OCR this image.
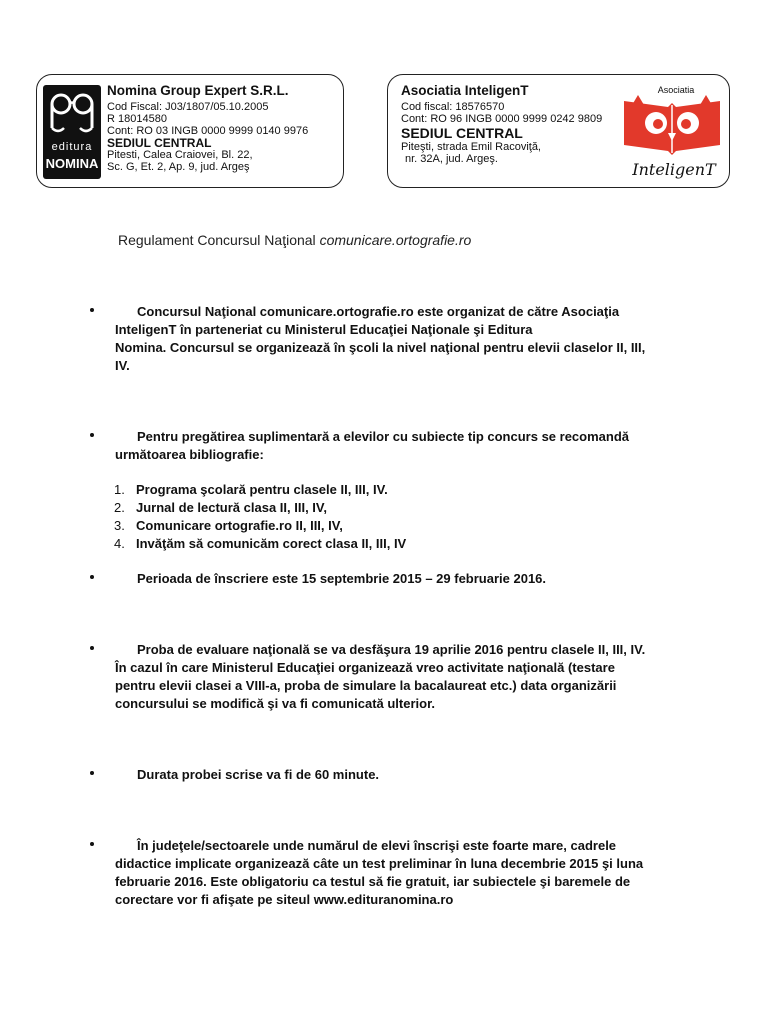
editura
NOMINA
Nomina Group Expert S.R.L.
Cod Fiscal: J03/1807/05.10.2005
R 18014580
Cont: RO 03 INGB 0000 9999 0140 9976
SEDIUL CENTRAL
Pitesti, Calea Craiovei, Bl. 22,
Sc. G, Et. 2, Ap. 9, jud. Argeş
Asociatia InteligenT
Cod fiscal: 18576570
Cont: RO 96 INGB 0000 9999 0242 9809
SEDIUL CENTRAL
Piteşti, strada Emil Racoviţă,
nr. 32A, jud. Argeş.
Asociatia
InteligenT
Regulament Concursul Naţional comunicare.ortografie.ro
Concursul Naţional comunicare.ortografie.ro este organizat de către Asociaţia
InteligenT în parteneriat cu Ministerul Educaţiei Naţionale şi Editura
Nomina. Concursul se organizează în şcoli la nivel naţional pentru elevii claselor II, III,
IV.
Pentru pregătirea suplimentară a elevilor cu subiecte tip concurs se recomandă
următoarea bibliografie:
1. Programa şcolară pentru clasele II, III, IV.
2. Jurnal de lectură clasa II, III, IV,
3. Comunicare ortografie.ro II, III, IV,
4. Invăţăm să comunicăm corect clasa II, III, IV
Perioada de înscriere este 15 septembrie 2015 – 29 februarie 2016.
Proba de evaluare naţională se va desfăşura 19 aprilie 2016 pentru clasele II, III, IV.
În cazul în care Ministerul Educaţiei organizează vreo activitate naţională (testare
pentru elevii clasei a VIII-a, proba de simulare la bacalaureat etc.) data organizării
concursului se modifică şi va fi comunicată ulterior.
Durata probei scrise va fi de 60 minute.
În judeţele/sectoarele unde numărul de elevi înscrişi este foarte mare, cadrele
didactice implicate organizează câte un test preliminar în luna decembrie 2015 şi luna
februarie 2016. Este obligatoriu ca testul să fie gratuit, iar subiectele şi baremele de
corectare vor fi afişate pe siteul www.edituranomina.ro
